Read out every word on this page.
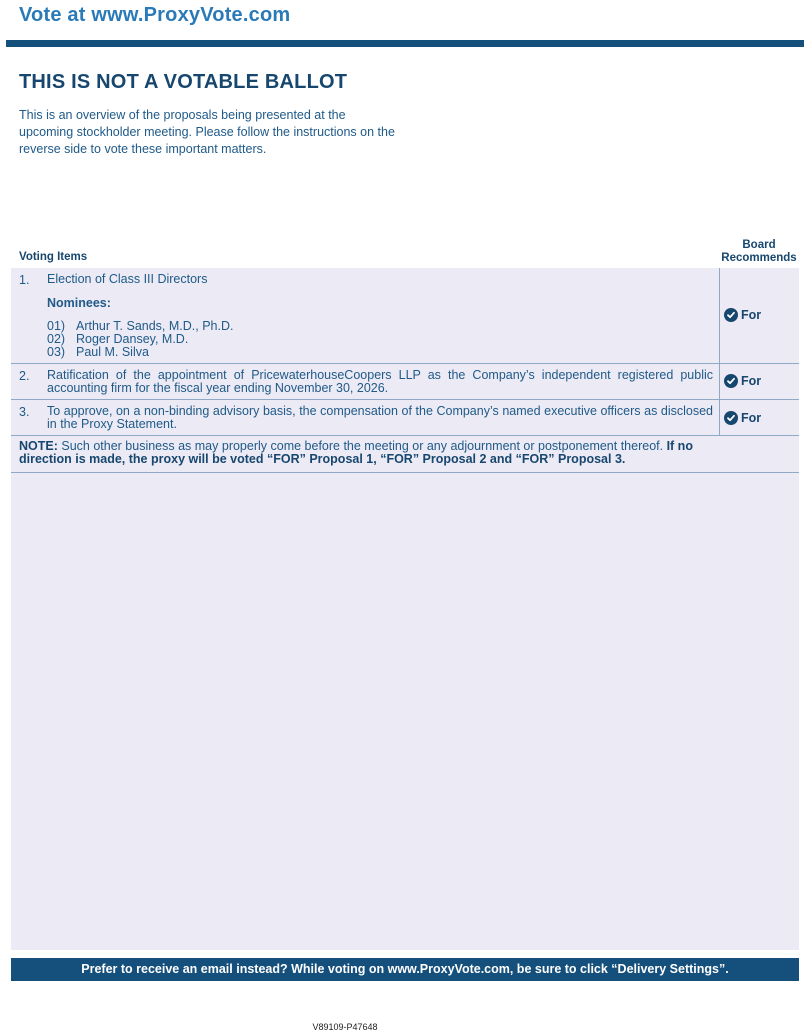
Vote at www.ProxyVote.com
THIS IS NOT A VOTABLE BALLOT
This is an overview of the proposals being presented at the upcoming stockholder meeting. Please follow the instructions on the reverse side to vote these important matters.
Voting Items
Board
Recommends
1. Election of Class III Directors
Nominees:
01) Arthur T. Sands, M.D., Ph.D.
02) Roger Dansey, M.D.
03) Paul M. Silva
For
2. Ratification of the appointment of PricewaterhouseCoopers LLP as the Company’s independent registered public accounting firm for the fiscal year ending November 30, 2026.	For
3. To approve, on a non-binding advisory basis, the compensation of the Company’s named executive officers as disclosed in the Proxy Statement.	For
NOTE: Such other business as may properly come before the meeting or any adjournment or postponement thereof. If no direction is made, the proxy will be voted “FOR” Proposal 1, “FOR” Proposal 2 and “FOR” Proposal 3.
Prefer to receive an email instead? While voting on www.ProxyVote.com, be sure to click “Delivery Settings”.
V89109-P47648
